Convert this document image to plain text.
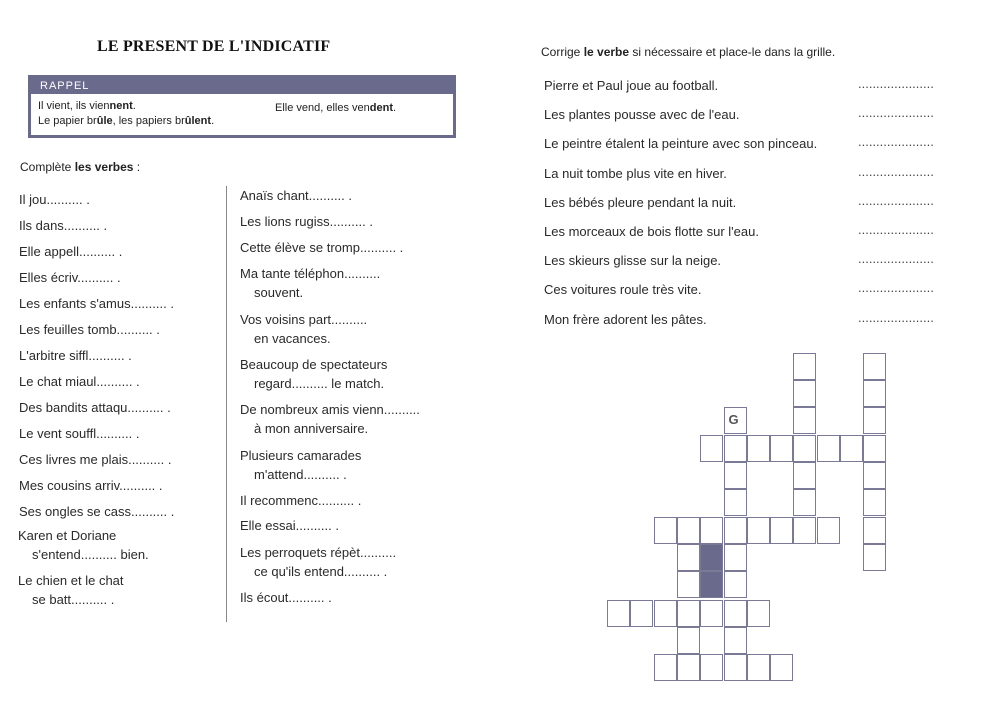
LE PRESENT DE L'INDICATIF
RAPPEL
Il vient, ils viennent.
Le papier brûle, les papiers brûlent.
Elle vend, elles vendent.
Complète les verbes :
Il jou.......... .
Ils dans.......... .
Elle appell.......... .
Elles écriv.......... .
Les enfants s'amus.......... .
Les feuilles tomb.......... .
L'arbitre siffl.......... .
Le chat miaul.......... .
Des bandits attaqu.......... .
Le vent souffl.......... .
Ces livres me plais.......... .
Mes cousins arriv.......... .
Ses ongles se cass.......... .
Karen et Doriane
s'entend.......... bien.
Le chien et le chat
se batt.......... .
Anaïs chant.......... .
Les lions rugiss.......... .
Cette élève se tromp.......... .
Ma tante téléphon..........
souvent.
Vos voisins part..........
en vacances.
Beaucoup de spectateurs
regard.......... le match.
De nombreux amis vienn..........
à mon anniversaire.
Plusieurs camarades
m'attend.......... .
Il recommenc.......... .
Elle essai.......... .
Les perroquets répèt..........
ce qu'ils entend.......... .
Ils écout.......... .
Corrige le verbe si nécessaire et place-le dans la grille.
Pierre et Paul joue au football.	.....................
Les plantes pousse avec de l'eau.	.....................
Le peintre étalent la peinture avec son pinceau.	.....................
La nuit tombe plus vite en hiver.	.....................
Les bébés pleure pendant la nuit.	.....................
Les morceaux de bois flotte sur l'eau.	.....................
Les skieurs glisse sur la neige.	.....................
Ces voitures roule très vite.	.....................
Mon frère adorent les pâtes.	.....................
G
